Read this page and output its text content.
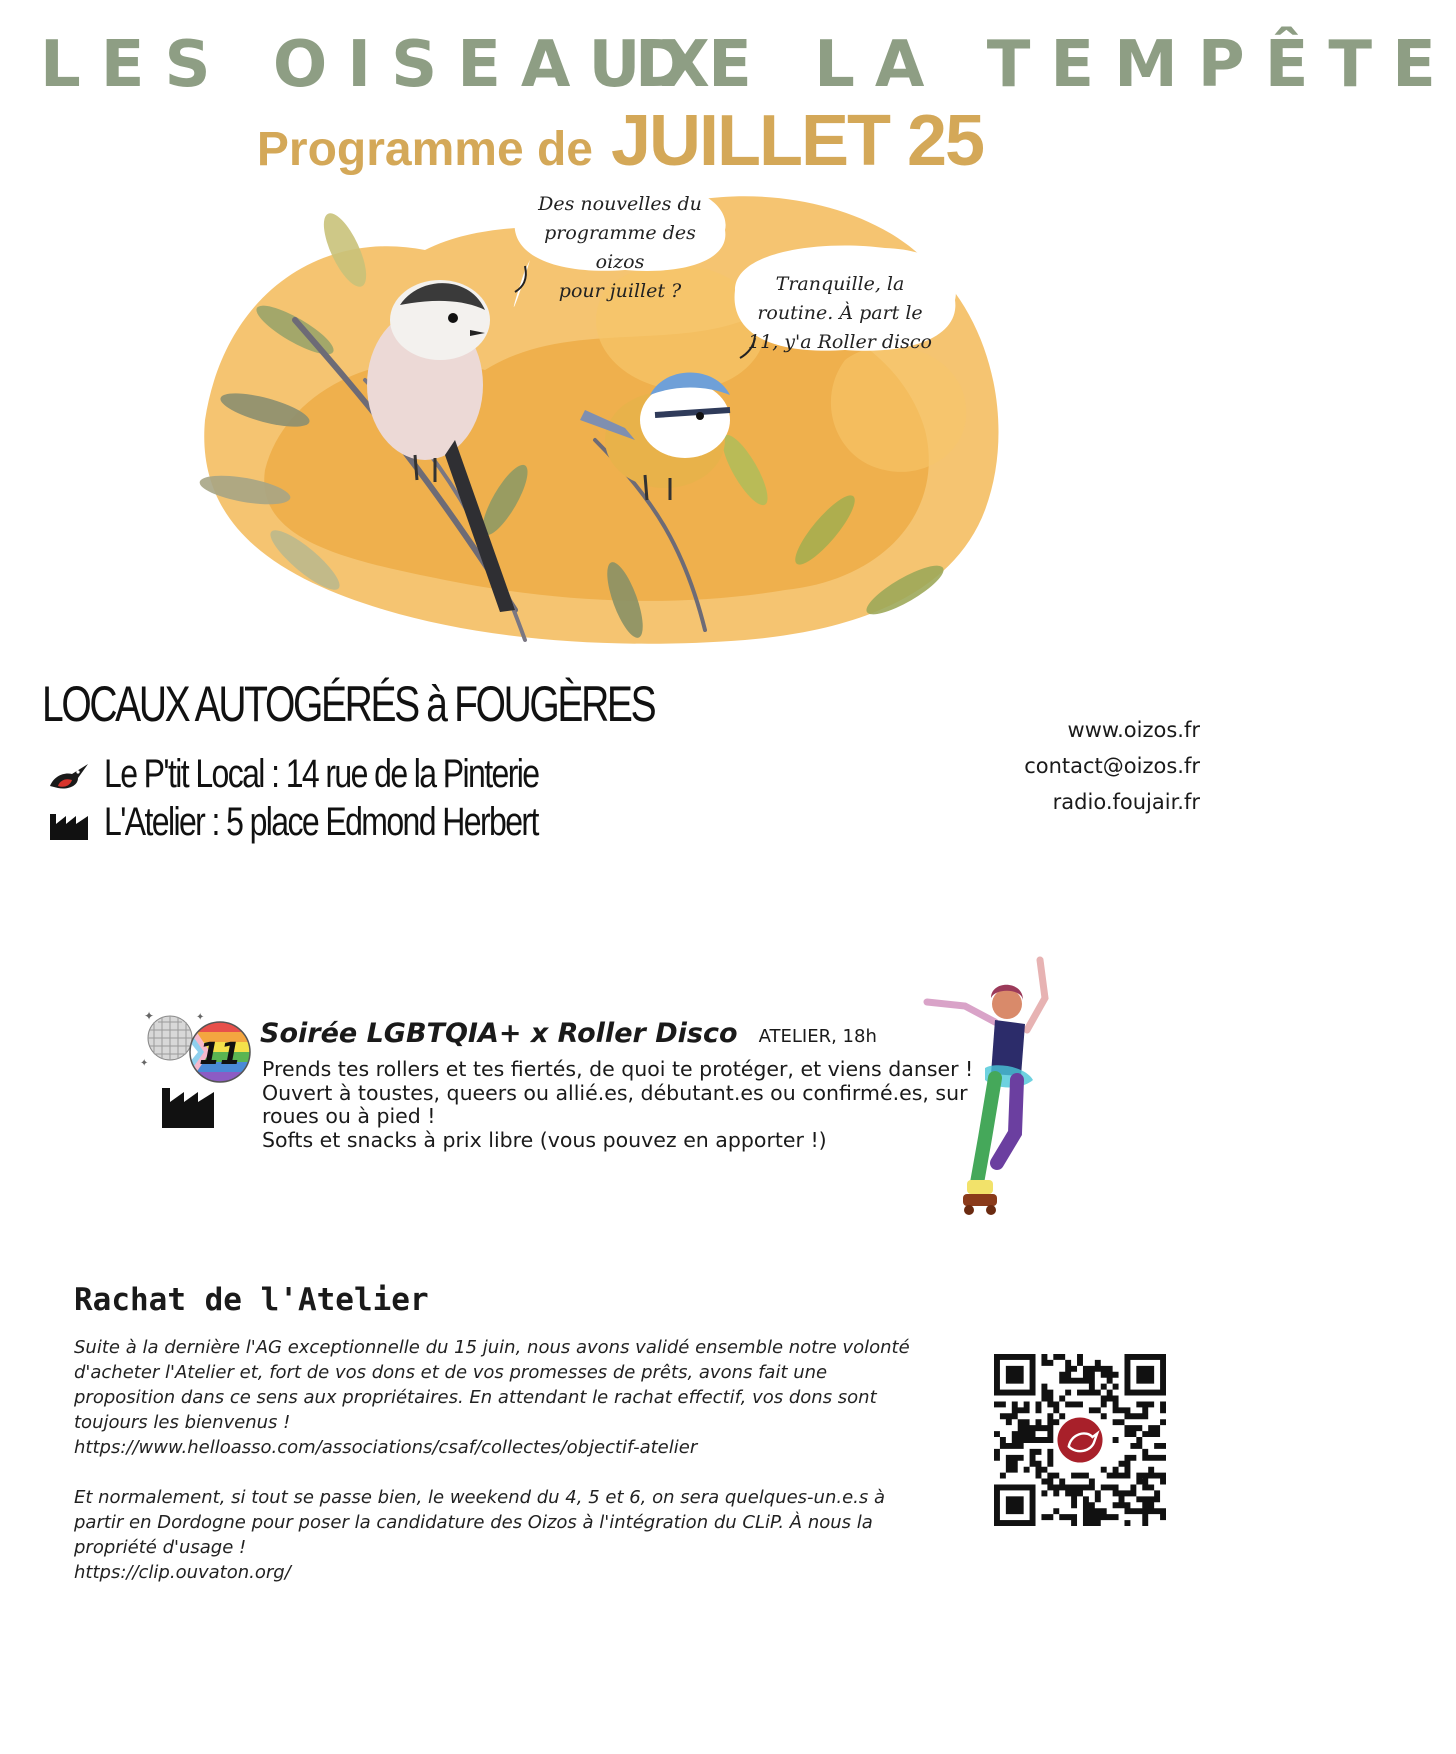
LES OISEAUX
DE LA TEMPÊTE
Programme de JUILLET 25
Des nouvelles du
programme des oizos
pour juillet ?	Tranquille, la
routine. À part le
11, y'a Roller disco
LOCAUX AUTOGÉRÉS à FOUGÈRES
Le P'tit Local : 14 rue de la Pinterie
L'Atelier : 5 place Edmond Herbert
www.oizos.fr
contact@oizos.fr
radio.foujair.fr
✦	✦
✦ 11
Soirée LGBTQIA+ x Roller Disco ATELIER, 18h
Prends tes rollers et tes fiertés, de quoi te protéger, et viens danser !
Ouvert à toustes, queers ou allié.es, débutant.es ou confirmé.es, sur
roues ou à pied !
Softs et snacks à prix libre (vous pouvez en apporter !)
Rachat de l'Atelier

Suite à la dernière l'AG exceptionnelle du 15 juin, nous avons validé ensemble notre volonté
d'acheter l'Atelier et, fort de vos dons et de vos promesses de prêts, avons fait une
proposition dans ce sens aux propriétaires. En attendant le rachat effectif, vos dons sont
toujours les bienvenus !
https://www.helloasso.com/associations/csaf/collectes/objectif-atelier

Et normalement, si tout se passe bien, le weekend du 4, 5 et 6, on sera quelques-un.e.s à
partir en Dordogne pour poser la candidature des Oizos à l'intégration du CLiP. À nous la
propriété d'usage !
https://clip.ouvaton.org/
